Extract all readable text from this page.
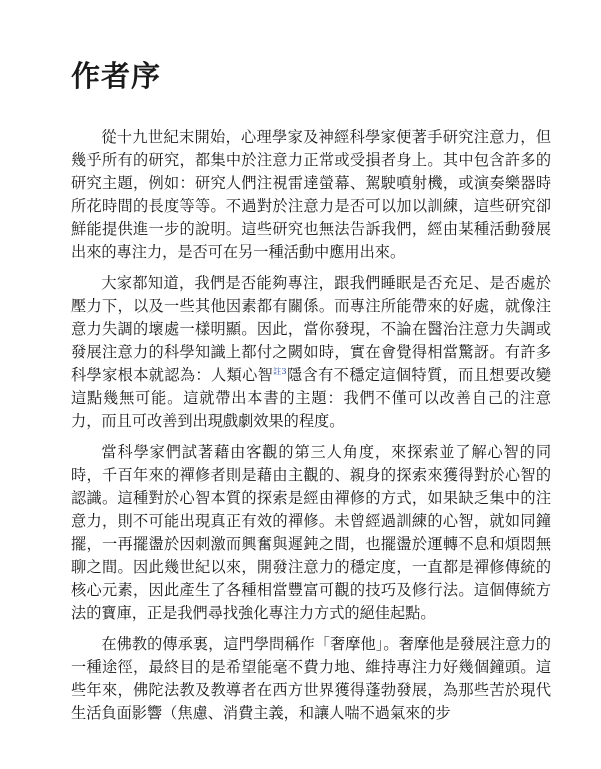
作者序

從十九世紀末開始，心理學家及神經科學家便著手研究注意力，但幾乎所有的研究，都集中於注意力正常或受損者身上。其中包含許多的研究主題，例如：研究人們注視雷達螢幕、駕駛噴射機，或演奏樂器時所花時間的長度等等。不過對於注意力是否可以加以訓練，這些研究卻鮮能提供進一步的說明。這些研究也無法告訴我們，經由某種活動發展出來的專注力，是否可在另一種活動中應用出來。

大家都知道，我們是否能夠專注，跟我們睡眠是否充足、是否處於壓力下，以及一些其他因素都有關係。而專注所能帶來的好處，就像注意力失調的壞處一樣明顯。因此，當你發現，不論在醫治注意力失調或發展注意力的科學知識上都付之闕如時，實在會覺得相當驚訝。有許多科學家根本就認為：人類心智$^{註3}$隱含有不穩定這個特質，而且想要改變這點幾無可能。這就帶出本書的主題：我們不僅可以改善自己的注意力，而且可改善到出現戲劇效果的程度。

當科學家們試著藉由客觀的第三人角度，來探索並了解心智的同時，千百年來的禪修者則是藉由主觀的、親身的探索來獲得對於心智的認識。這種對於心智本質的探索是經由禪修的方式，如果缺乏集中的注意力，則不可能出現真正有效的禪修。未曾經過訓練的心智，就如同鐘擺，一再擺盪於因刺激而興奮與遲鈍之間，也擺盪於運轉不息和煩悶無聊之間。因此幾世紀以來，開發注意力的穩定度，一直都是禪修傳統的核心元素，因此產生了各種相當豐富可觀的技巧及修行法。這個傳統方法的寶庫，正是我們尋找強化專注力方式的絕佳起點。

在佛教的傳承裏，這門學問稱作「奢摩他」。奢摩他是發展注意力的一種途徑，最終目的是希望能毫不費力地、維持專注力好幾個鐘頭。這些年來，佛陀法教及教導者在西方世界獲得蓬勃發展，為那些苦於現代生活負面影響（焦慮、消費主義，和讓人喘不過氣來的步
